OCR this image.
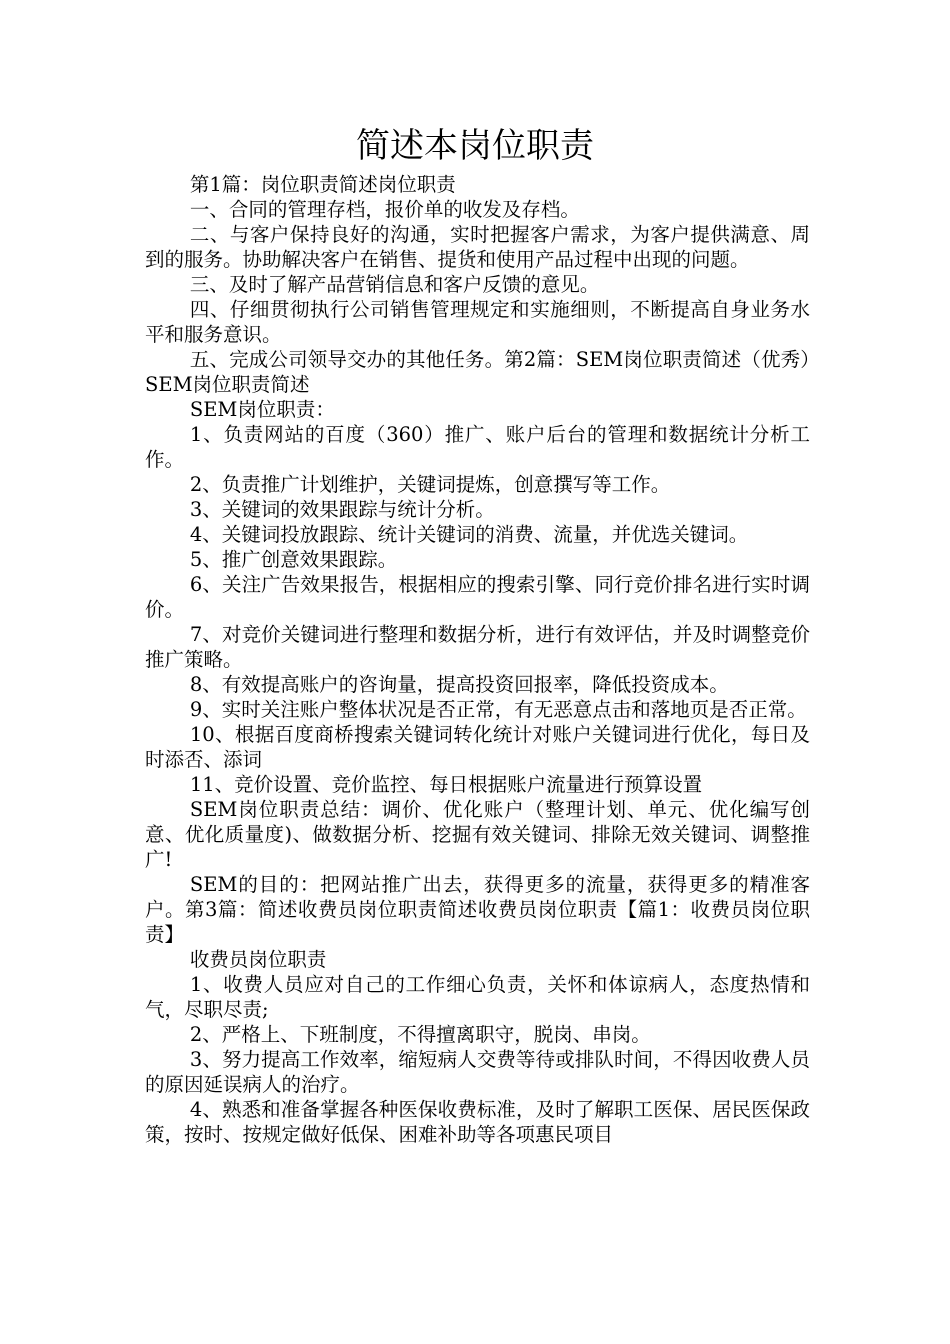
简述本岗位职责

第1篇：岗位职责简述岗位职责

一、合同的管理存档，报价单的收发及存档。

二、与客户保持良好的沟通，实时把握客户需求，为客户提供满意、周到的服务。协助解决客户在销售、提货和使用产品过程中出现的问题。

三、及时了解产品营销信息和客户反馈的意见。

四、仔细贯彻执行公司销售管理规定和实施细则，不断提高自身业务水平和服务意识。

五、完成公司领导交办的其他任务。第2篇：SEM岗位职责简述（优秀）SEM岗位职责简述

SEM岗位职责：

1、负责网站的百度（360）推广、账户后台的管理和数据统计分析工作。

2、负责推广计划维护，关键词提炼，创意撰写等工作。

3、关键词的效果跟踪与统计分析。

4、关键词投放跟踪、统计关键词的消费、流量，并优选关键词。

5、推广创意效果跟踪。

6、关注广告效果报告，根据相应的搜索引擎、同行竞价排名进行实时调价。

7、对竞价关键词进行整理和数据分析，进行有效评估，并及时调整竞价推广策略。

8、有效提高账户的咨询量，提高投资回报率，降低投资成本。

9、实时关注账户整体状况是否正常，有无恶意点击和落地页是否正常。

10、根据百度商桥搜索关键词转化统计对账户关键词进行优化，每日及时添否、添词

11、竞价设置、竞价监控、每日根据账户流量进行预算设置

SEM岗位职责总结：调价、优化账户（整理计划、单元、优化编写创意、优化质量度)、做数据分析、挖掘有效关键词、排除无效关键词、调整推广!

SEM的目的：把网站推广出去，获得更多的流量，获得更多的精准客户。第3篇：简述收费员岗位职责简述收费员岗位职责【篇1：收费员岗位职责】

收费员岗位职责

1、收费人员应对自己的工作细心负责，关怀和体谅病人，态度热情和气，尽职尽责;

2、严格上、下班制度，不得擅离职守，脱岗、串岗。

3、努力提高工作效率，缩短病人交费等待或排队时间，不得因收费人员的原因延误病人的治疗。

4、熟悉和准备掌握各种医保收费标准，及时了解职工医保、居民医保政策，按时、按规定做好低保、困难补助等各项惠民项目
